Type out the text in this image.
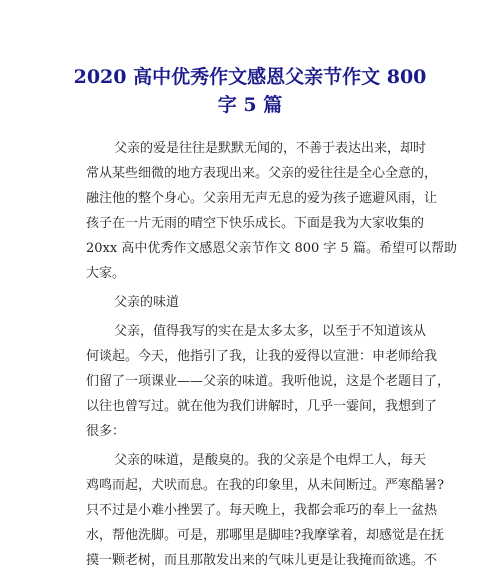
2020 高中优秀作文感恩父亲节作文 800
字 5 篇
父亲的爱是往往是默默无闻的，不善于表达出来，却时
常从某些细微的地方表现出来。父亲的爱往往是全心全意的，
融注他的整个身心。父亲用无声无息的爱为孩子遮避风雨，让
孩子在一片无雨的晴空下快乐成长。下面是我为大家收集的
20xx 高中优秀作文感恩父亲节作文 800 字 5 篇。希望可以帮助
大家。
父亲的味道
父亲，值得我写的实在是太多太多，以至于不知道该从
何谈起。今天，他指引了我，让我的爱得以宣泄：申老师给我
们留了一项课业——父亲的味道。我听他说，这是个老题目了，
以往也曾写过。就在他为我们讲解时，几乎一霎间，我想到了
很多：
父亲的味道，是酸臭的。我的父亲是个电焊工人，每天
鸡鸣而起，犬吠而息。在我的印象里，从未间断过。严寒酷暑?
只不过是小难小挫罢了。每天晚上，我都会乖巧的奉上一盆热
水，帮他洗脚。可是，那哪里是脚哇?我摩挲着，却感觉是在抚
摸一颗老树，而且那散发出来的气味儿更是让我掩而欲逃。不
